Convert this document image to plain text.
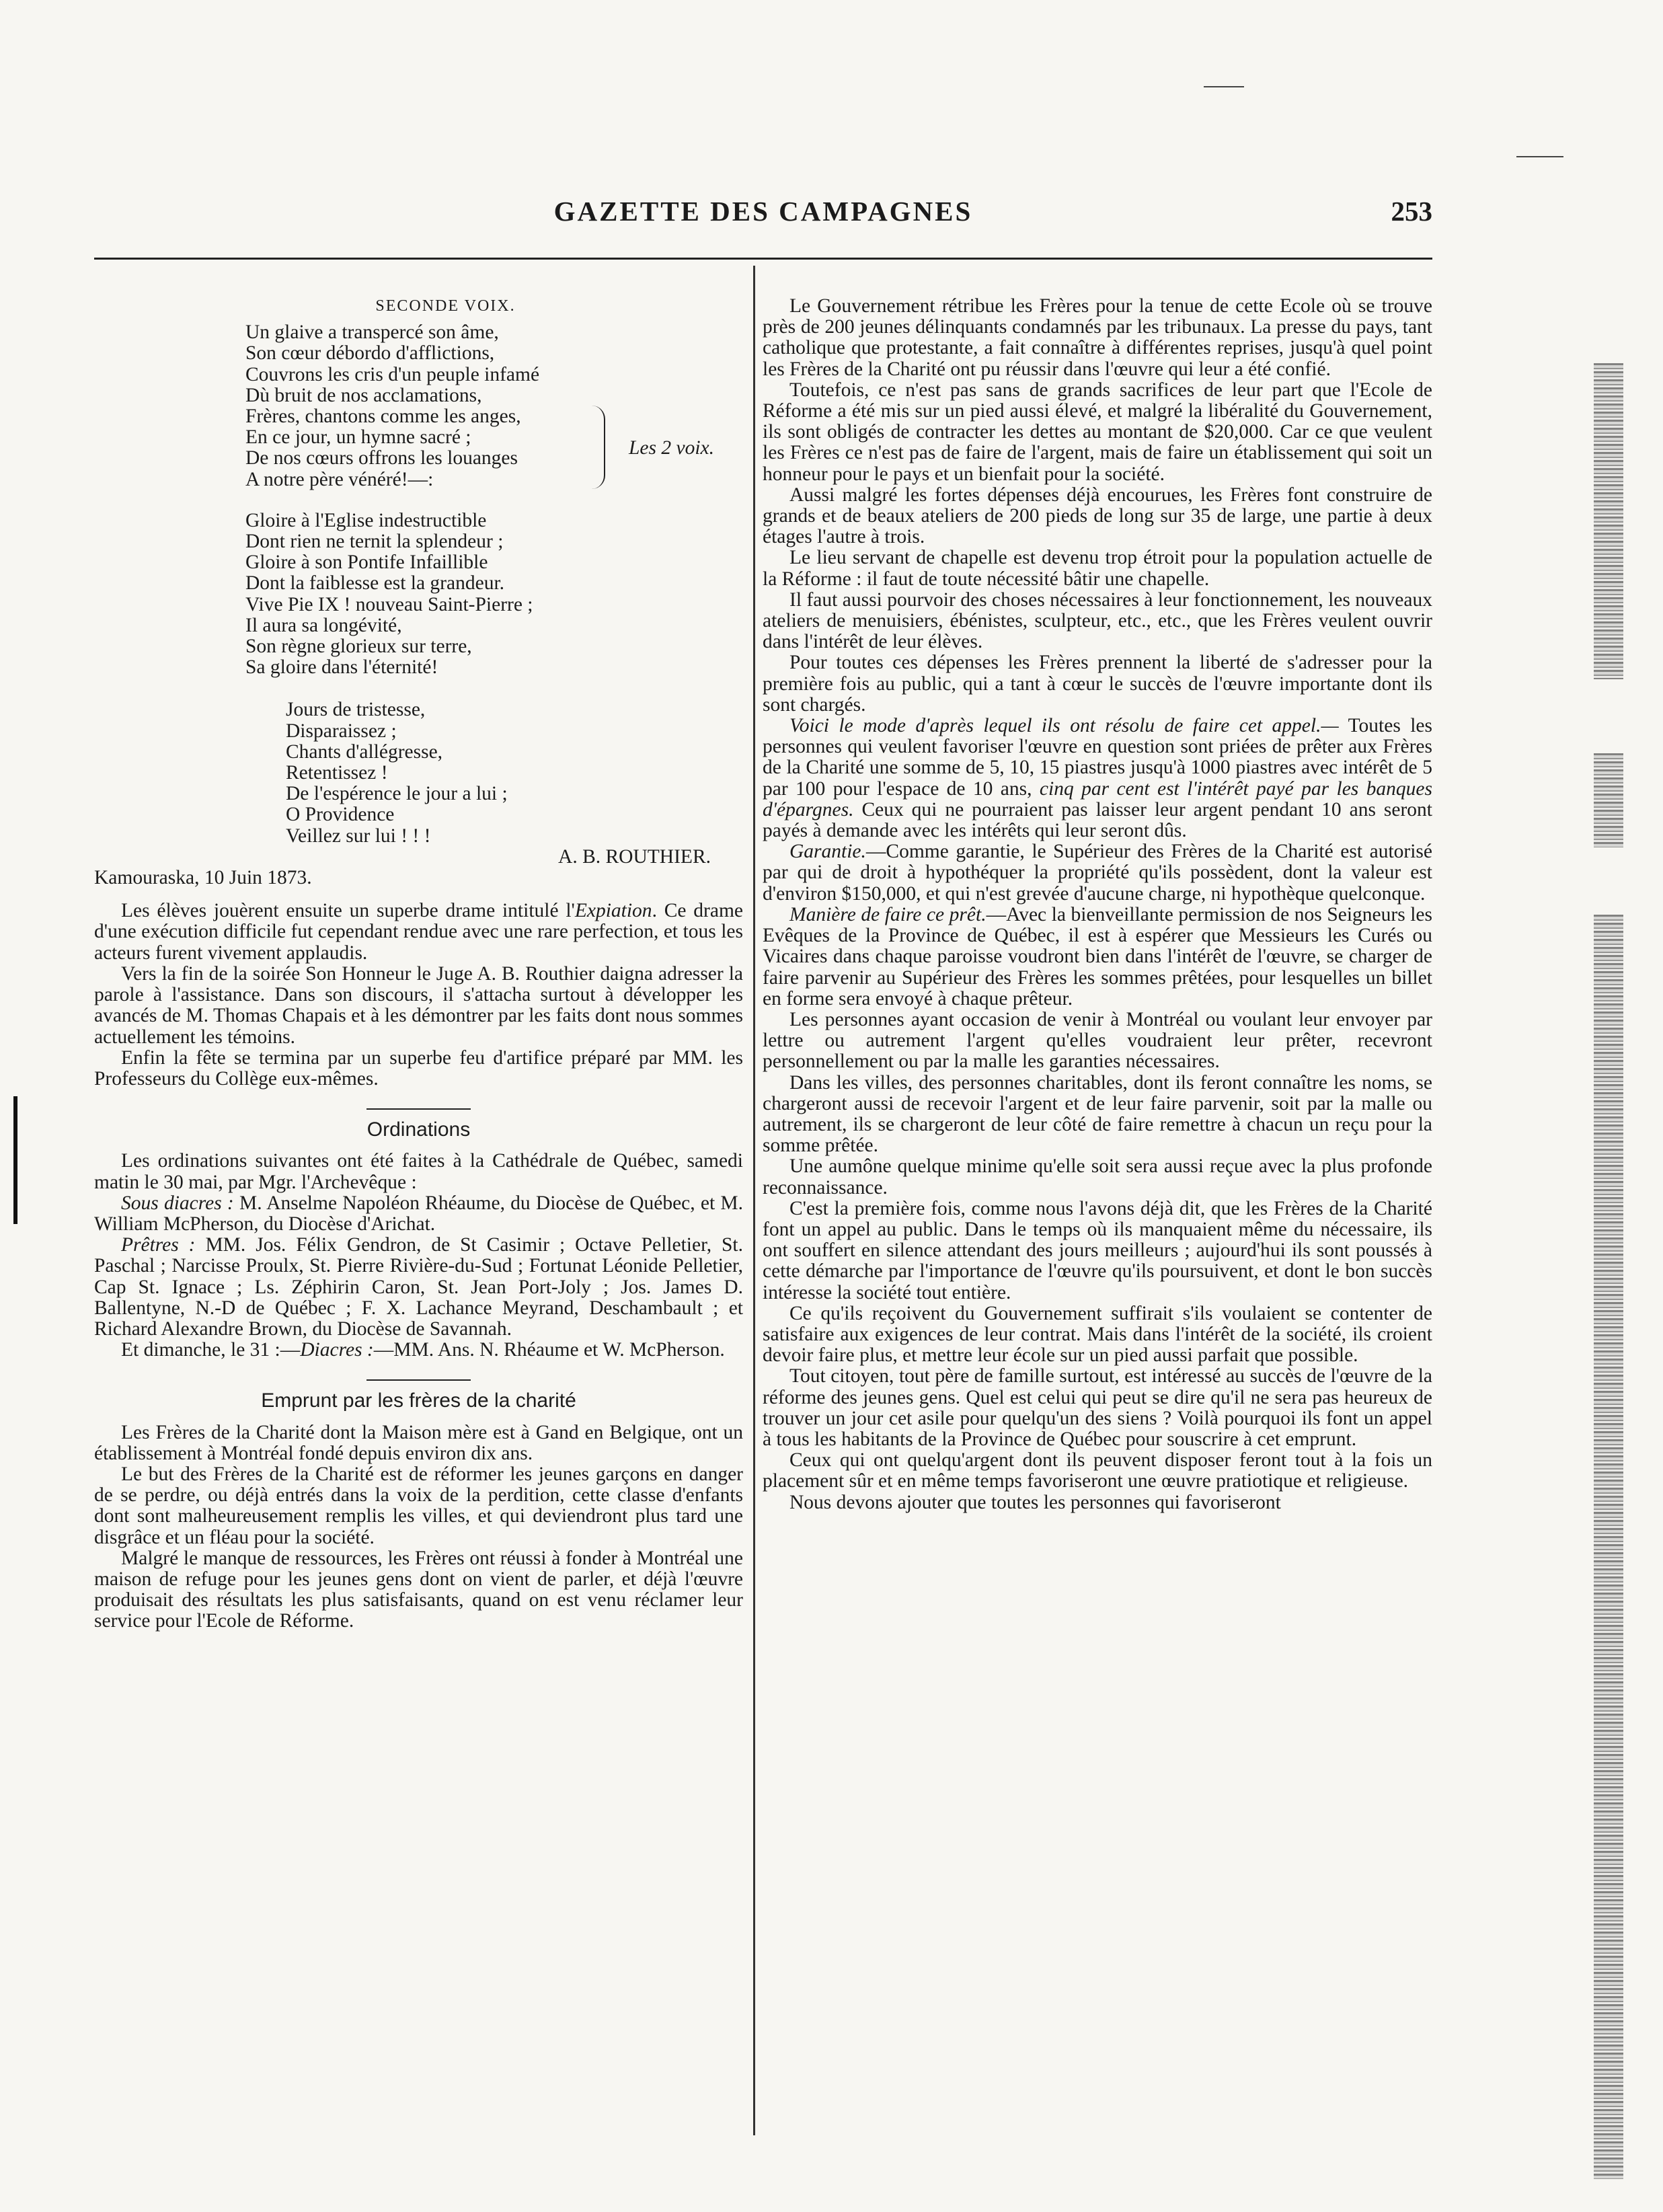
GAZETTE DES CAMPAGNES	253
SECONDE VOIX.
Un glaive a transpercé son âme,
Son cœur débordo d'afflictions,
Couvrons les cris d'un peuple infamé
Dù bruit de nos acclamations,
Frères, chantons comme les anges,
En ce jour, un hymne sacré ;
De nos cœurs offrons les louanges
A notre père vénéré!—:
Les 2 voix.
Gloire à l'Eglise indestructible
Dont rien ne ternit la splendeur ;
Gloire à son Pontife Infaillible
Dont la faiblesse est la grandeur.
Vive Pie IX ! nouveau Saint-Pierre ;
Il aura sa longévité,
Son règne glorieux sur terre,
Sa gloire dans l'éternité!
Jours de tristesse,
Disparaissez ;
Chants d'allégresse,
Retentissez !
De l'espérence le jour a lui ;
O Providence
Veillez sur lui ! ! !
A. B. ROUTHIER.
Kamouraska, 10 Juin 1873.

Les élèves jouèrent ensuite un superbe drame intitulé l'Expiation. Ce drame d'une exécution difficile fut cependant rendue avec une rare perfection, et tous les acteurs furent vivement applaudis.

Vers la fin de la soirée Son Honneur le Juge A. B. Routhier daigna adresser la parole à l'assistance. Dans son discours, il s'attacha surtout à développer les avancés de M. Thomas Chapais et à les démontrer par les faits dont nous sommes actuellement les témoins.

Enfin la fête se termina par un superbe feu d'artifice préparé par MM. les Professeurs du Collège eux-mêmes.

Ordinations

Les ordinations suivantes ont été faites à la Cathédrale de Québec, samedi matin le 30 mai, par Mgr. l'Archevêque :

Sous diacres : M. Anselme Napoléon Rhéaume, du Diocèse de Québec, et M. William McPherson, du Diocèse d'Arichat.

Prêtres : MM. Jos. Félix Gendron, de St Casimir ; Octave Pelletier, St. Paschal ; Narcisse Proulx, St. Pierre Rivière-du-Sud ; Fortunat Léonide Pelletier, Cap St. Ignace ; Ls. Zéphirin Caron, St. Jean Port-Joly ; Jos. James D. Ballentyne, N.-D de Québec ; F. X. Lachance Meyrand, Deschambault ; et Richard Alexandre Brown, du Diocèse de Savannah.

Et dimanche, le 31 :—Diacres :—MM. Ans. N. Rhéaume et W. McPherson.

Emprunt par les frères de la charité

Les Frères de la Charité dont la Maison mère est à Gand en Belgique, ont un établissement à Montréal fondé depuis environ dix ans.

Le but des Frères de la Charité est de réformer les jeunes garçons en danger de se perdre, ou déjà entrés dans la voix de la perdition, cette classe d'enfants dont sont malheureusement remplis les villes, et qui deviendront plus tard une disgrâce et un fléau pour la société.

Malgré le manque de ressources, les Frères ont réussi à fonder à Montréal une maison de refuge pour les jeunes gens dont on vient de parler, et déjà l'œuvre produisait des résultats les plus satisfaisants, quand on est venu réclamer leur service pour l'Ecole de Réforme.

Le Gouvernement rétribue les Frères pour la tenue de cette Ecole où se trouve près de 200 jeunes délinquants condamnés par les tribunaux. La presse du pays, tant catholique que protestante, a fait connaître à différentes reprises, jusqu'à quel point les Frères de la Charité ont pu réussir dans l'œuvre qui leur a été confié.

Toutefois, ce n'est pas sans de grands sacrifices de leur part que l'Ecole de Réforme a été mis sur un pied aussi élevé, et malgré la libéralité du Gouvernement, ils sont obligés de contracter les dettes au montant de $20,000. Car ce que veulent les Frères ce n'est pas de faire de l'argent, mais de faire un établissement qui soit un honneur pour le pays et un bienfait pour la société.

Aussi malgré les fortes dépenses déjà encourues, les Frères font construire de grands et de beaux ateliers de 200 pieds de long sur 35 de large, une partie à deux étages l'autre à trois.

Le lieu servant de chapelle est devenu trop étroit pour la population actuelle de la Réforme : il faut de toute nécessité bâtir une chapelle.

Il faut aussi pourvoir des choses nécessaires à leur fonctionnement, les nouveaux ateliers de menuisiers, ébénistes, sculpteur, etc., etc., que les Frères veulent ouvrir dans l'intérêt de leur élèves.

Pour toutes ces dépenses les Frères prennent la liberté de s'adresser pour la première fois au public, qui a tant à cœur le succès de l'œuvre importante dont ils sont chargés.

Voici le mode d'après lequel ils ont résolu de faire cet appel.— Toutes les personnes qui veulent favoriser l'œuvre en question sont priées de prêter aux Frères de la Charité une somme de 5, 10, 15 piastres jusqu'à 1000 piastres avec intérêt de 5 par 100 pour l'espace de 10 ans, cinq par cent est l'intérêt payé par les banques d'épargnes. Ceux qui ne pourraient pas laisser leur argent pendant 10 ans seront payés à demande avec les intérêts qui leur seront dûs.

Garantie.—Comme garantie, le Supérieur des Frères de la Charité est autorisé par qui de droit à hypothéquer la propriété qu'ils possèdent, dont la valeur est d'environ $150,000, et qui n'est grevée d'aucune charge, ni hypothèque quelconque.

Manière de faire ce prêt.—Avec la bienveillante permission de nos Seigneurs les Evêques de la Province de Québec, il est à espérer que Messieurs les Curés ou Vicaires dans chaque paroisse voudront bien dans l'intérêt de l'œuvre, se charger de faire parvenir au Supérieur des Frères les sommes prêtées, pour lesquelles un billet en forme sera envoyé à chaque prêteur.

Les personnes ayant occasion de venir à Montréal ou voulant leur envoyer par lettre ou autrement l'argent qu'elles voudraient leur prêter, recevront personnellement ou par la malle les garanties nécessaires.

Dans les villes, des personnes charitables, dont ils feront connaître les noms, se chargeront aussi de recevoir l'argent et de leur faire parvenir, soit par la malle ou autrement, ils se chargeront de leur côté de faire remettre à chacun un reçu pour la somme prêtée.

Une aumône quelque minime qu'elle soit sera aussi reçue avec la plus profonde reconnaissance.

C'est la première fois, comme nous l'avons déjà dit, que les Frères de la Charité font un appel au public. Dans le temps où ils manquaient même du nécessaire, ils ont souffert en silence attendant des jours meilleurs ; aujourd'hui ils sont poussés à cette démarche par l'importance de l'œuvre qu'ils poursuivent, et dont le bon succès intéresse la société tout entière.

Ce qu'ils reçoivent du Gouvernement suffirait s'ils voulaient se contenter de satisfaire aux exigences de leur contrat. Mais dans l'intérêt de la société, ils croient devoir faire plus, et mettre leur école sur un pied aussi parfait que possible.

Tout citoyen, tout père de famille surtout, est intéressé au succès de l'œuvre de la réforme des jeunes gens. Quel est celui qui peut se dire qu'il ne sera pas heureux de trouver un jour cet asile pour quelqu'un des siens ? Voilà pourquoi ils font un appel à tous les habitants de la Province de Québec pour souscrire à cet emprunt.

Ceux qui ont quelqu'argent dont ils peuvent disposer feront tout à la fois un placement sûr et en même temps favoriseront une œuvre pratiotique et religieuse.

Nous devons ajouter que toutes les personnes qui favoriseront
